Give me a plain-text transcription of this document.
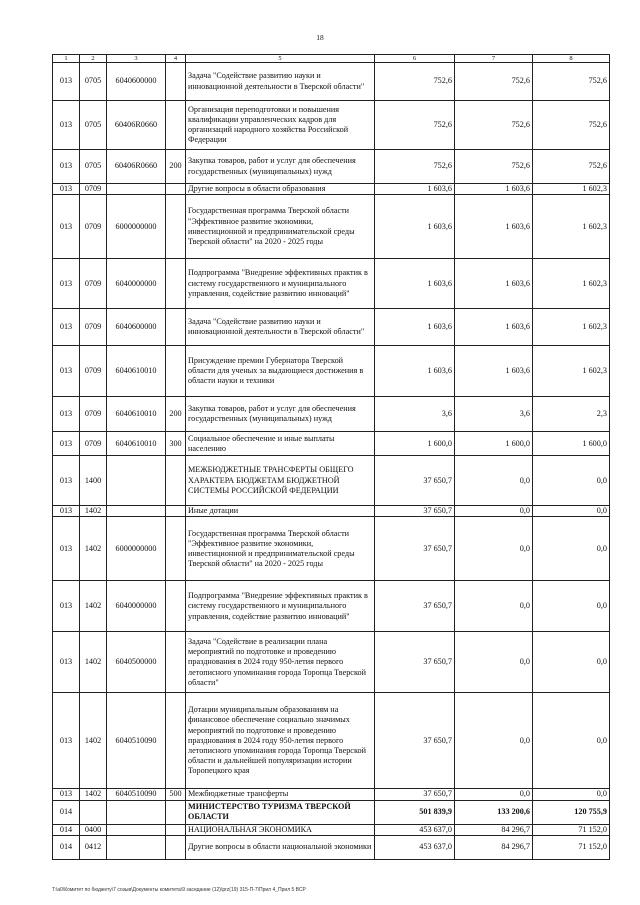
18
1	2	3	4	5	6	7	8
013	0705	6040600000		Задача "Содействие развитию науки и инновационной деятельности в Тверской области"	752,6	752,6	752,6
013	0705	60406R0660		Организация переподготовки и повышения квалификации управленческих кадров для организаций народного хозяйства Российской Федерации	752,6	752,6	752,6
013	0705	60406R0660	200	Закупка товаров, работ и услуг для обеспечения государственных (муниципальных) нужд	752,6	752,6	752,6
013	0709			Другие вопросы в области образования	1 603,6	1 603,6	1 602,3
013	0709	6000000000		Государственная программа Тверской области "Эффективное развитие экономики, инвестиционной и предпринимательской среды Тверской области" на 2020 - 2025 годы	1 603,6	1 603,6	1 602,3
013	0709	6040000000		Подпрограмма "Внедрение эффективных практик в систему государственного и муниципального управления, содействие развитию инноваций"	1 603,6	1 603,6	1 602,3
013	0709	6040600000		Задача "Содействие развитию науки и инновационной деятельности в Тверской области"	1 603,6	1 603,6	1 602,3
013	0709	6040610010		Присуждение премии Губернатора Тверской области для ученых за выдающиеся достижения в области науки и техники	1 603,6	1 603,6	1 602,3
013	0709	6040610010	200	Закупка товаров, работ и услуг для обеспечения государственных (муниципальных) нужд	3,6	3,6	2,3
013	0709	6040610010	300	Социальное обеспечение и иные выплаты населению	1 600,0	1 600,0	1 600,0
013	1400			МЕЖБЮДЖЕТНЫЕ ТРАНСФЕРТЫ ОБЩЕГО ХАРАКТЕРА БЮДЖЕТАМ БЮДЖЕТНОЙ СИСТЕМЫ РОССИЙСКОЙ ФЕДЕРАЦИИ	37 650,7	0,0	0,0
013	1402			Иные дотации	37 650,7	0,0	0,0
013	1402	6000000000		Государственная программа Тверской области "Эффективное развитие экономики, инвестиционной и предпринимательской среды Тверской области" на 2020 - 2025 годы	37 650,7	0,0	0,0
013	1402	6040000000		Подпрограмма "Внедрение эффективных практик в систему государственного и муниципального управления, содействие развитию инноваций"	37 650,7	0,0	0,0
013	1402	6040500000		Задача "Содействие в реализации плана мероприятий по подготовке и проведению празднования в 2024 году 950-летия первого летописного упоминания города Торопца Тверской области"	37 650,7	0,0	0,0
013	1402	6040510090		Дотации муниципальным образованиям на финансовое обеспечение социально значимых мероприятий по подготовке и проведению празднования в 2024 году 950-летия первого летописного упоминания города Торопца Тверской области и дальнейшей популяризации истории Торопецкого края	37 650,7	0,0	0,0
013	1402	6040510090	500	Межбюджетные трансферты	37 650,7	0,0	0,0
014				МИНИСТЕРСТВО ТУРИЗМА ТВЕРСКОЙ ОБЛАСТИ	501 839,9	133 200,6	120 755,9
014	0400			НАЦИОНАЛЬНАЯ ЭКОНОМИКА	453 637,0	84 296,7	71 152,0
014	0412			Другие вопросы в области национальной экономики	453 637,0	84 296,7	71 152,0
T:\a0\Комитет по бюджету\7 созыв\Документы комитета\9 заседание (12)\prz(19) 315-П-7\Прил 4_Прил 5 ВСР
